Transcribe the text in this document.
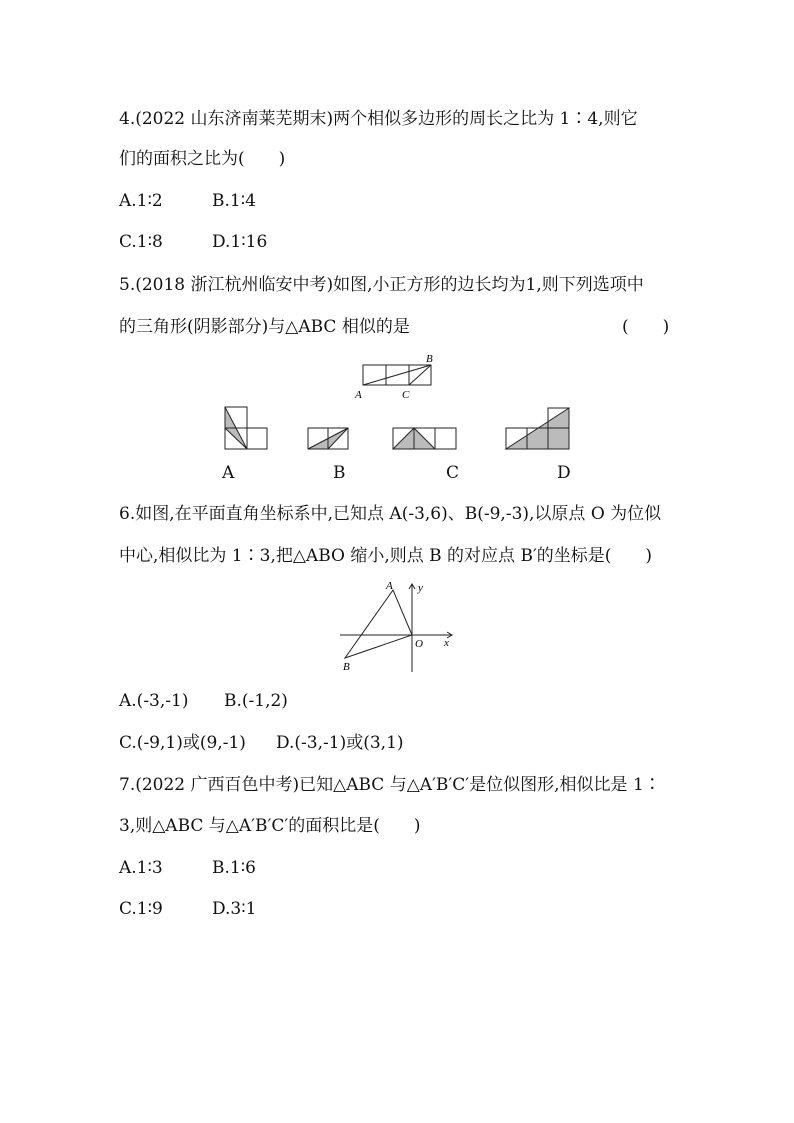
4.(2022 山东济南莱芜期末)两个相似多边形的周长之比为 1∶4,则它
们的面积之比为(　　)
A.1∶2	B.1∶4
C.1∶8	D.1∶16
5.(2018 浙江杭州临安中考)如图,小正方形的边长均为1,则下列选项中
的三角形(阴影部分)与△ABC 相似的是	(　　)
A	C
B
A	B	C	D
6.如图,在平面直角坐标系中,已知点 A(-3,6)、B(-9,-3),以原点 O 为位似
中心,相似比为 1∶3,把△ABO 缩小,则点 B 的对应点 B′的坐标是(　　)
A y
O x
B
A.(-3,-1) B.(-1,2)
C.(-9,1)或(9,-1) D.(-3,-1)或(3,1)
7.(2022 广西百色中考)已知△ABC 与△A′B′C′是位似图形,相似比是 1∶
3,则△ABC 与△A′B′C′的面积比是(　　)
A.1∶3	B.1∶6
C.1∶9	D.3∶1
